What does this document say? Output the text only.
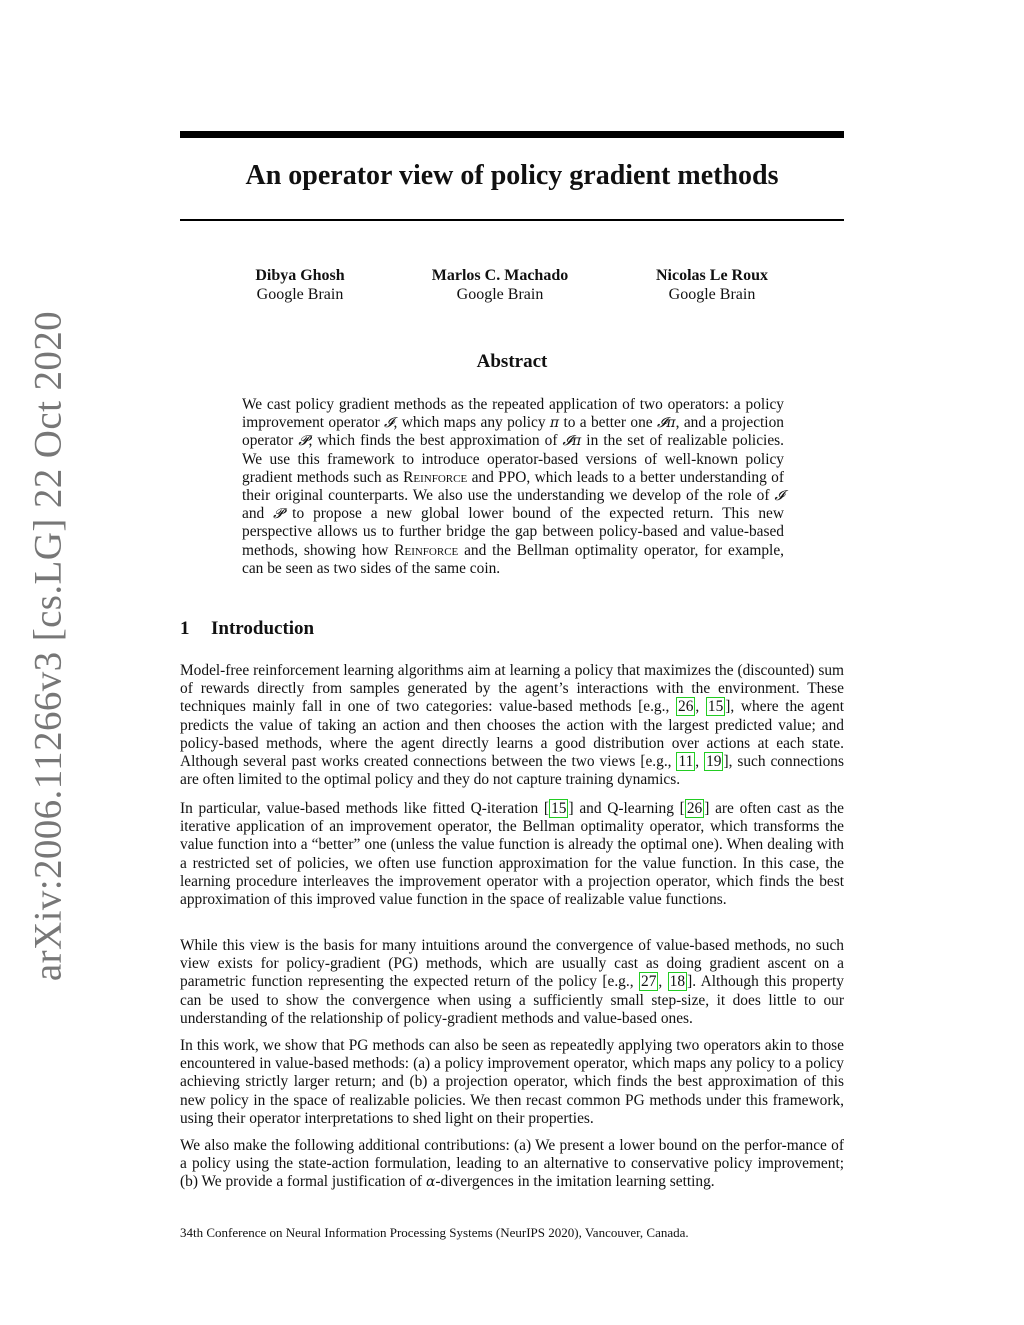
arXiv:2006.11266v3 [cs.LG] 22 Oct 2020
An operator view of policy gradient methods
Dibya Ghosh
Google Brain
Marlos C. Machado
Google Brain
Nicolas Le Roux
Google Brain
Abstract

We cast policy gradient methods as the repeated application of two operators: a policy improvement operator 𝓘, which maps any policy π to a better one 𝓘π, and a projection operator 𝓟, which finds the best approximation of 𝓘π in the set of realizable policies. We use this framework to introduce operator-based versions of well-known policy gradient methods such as Reinforce and PPO, which leads to a better understanding of their original counterparts. We also use the understanding we develop of the role of 𝓘 and 𝓟 to propose a new global lower bound of the expected return. This new perspective allows us to further bridge the gap between policy-based and value-based methods, showing how Reinforce and the Bellman optimality operator, for example, can be seen as two sides of the same coin.

1 Introduction

Model-free reinforcement learning algorithms aim at learning a policy that maximizes the (discounted) sum of rewards directly from samples generated by the agent’s interactions with the environment. These techniques mainly fall in one of two categories: value-based methods [e.g., 26 , 15 ], where the agent predicts the value of taking an action and then chooses the action with the largest predicted value; and policy-based methods, where the agent directly learns a good distribution over actions at each state. Although several past works created connections between the two views [e.g., 11 , 19 ], such connections are often limited to the optimal policy and they do not capture training dynamics.

In particular, value-based methods like fitted Q-iteration [ 15 ] and Q-learning [ 26 ] are often cast as the iterative application of an improvement operator, the Bellman optimality operator, which transforms the value function into a “better” one (unless the value function is already the optimal one). When dealing with a restricted set of policies, we often use function approximation for the value function. In this case, the learning procedure interleaves the improvement operator with a projection operator, which finds the best approximation of this improved value function in the space of realizable value functions.

While this view is the basis for many intuitions around the convergence of value-based methods, no such view exists for policy-gradient (PG) methods, which are usually cast as doing gradient ascent on a parametric function representing the expected return of the policy [e.g., 27 , 18 ]. Although this property can be used to show the convergence when using a sufficiently small step-size, it does little to our understanding of the relationship of policy-gradient methods and value-based ones.

In this work, we show that PG methods can also be seen as repeatedly applying two operators akin to those encountered in value-based methods: (a) a policy improvement operator, which maps any policy to a policy achieving strictly larger return; and (b) a projection operator, which finds the best approximation of this new policy in the space of realizable policies. We then recast common PG methods under this framework, using their operator interpretations to shed light on their properties.

We also make the following additional contributions: (a) We present a lower bound on the perfor-mance of a policy using the state-action formulation, leading to an alternative to conservative policy improvement; (b) We provide a formal justification of α-divergences in the imitation learning setting.

34th Conference on Neural Information Processing Systems (NeurIPS 2020), Vancouver, Canada.
